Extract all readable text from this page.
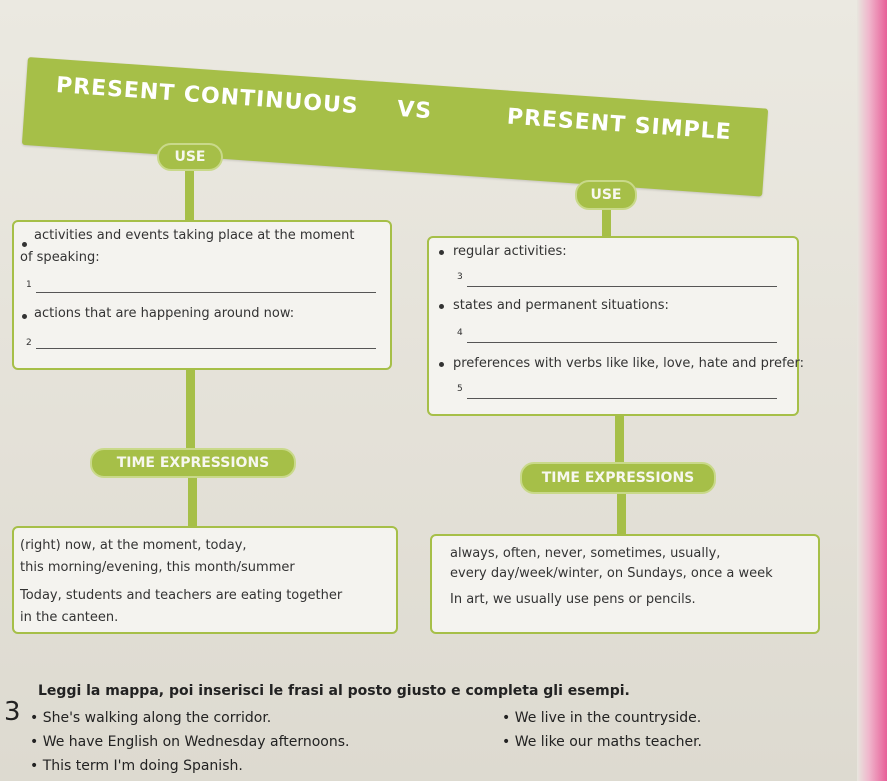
PRESENT CONTINUOUS VS	PRESENT SIMPLE
USE
USE
activities and events taking place at the moment
of speaking:
1
actions that are happening around now:
2
regular activities:
3
states and permanent situations:
4
preferences with verbs like like, love, hate and prefer:
5
TIME EXPRESSIONS
(right) now, at the moment, today,
this morning/evening, this month/summer
Today, students and teachers are eating together
in the canteen.
TIME EXPRESSIONS
always, often, never, sometimes, usually,
every day/week/winter, on Sundays, once a week
In art, we usually use pens or pencils.
3
Leggi la mappa, poi inserisci le frasi al posto giusto e completa gli esempi.
• She's walking along the corridor.
• We have English on Wednesday afternoons.
• This term I'm doing Spanish.
• We live in the countryside.
• We like our maths teacher.
